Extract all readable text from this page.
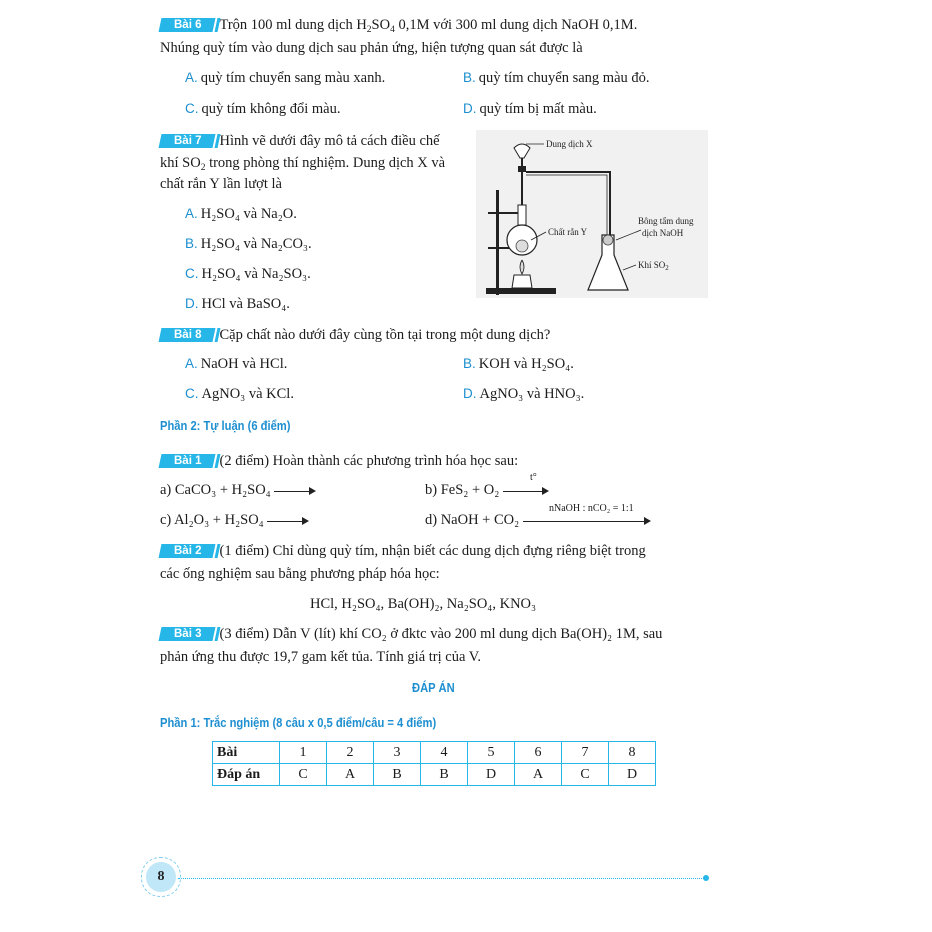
Bài 6 Trộn 100 ml dung dịch $H_2SO_4$ 0,1M với 300 ml dung dịch NaOH 0,1M.
Nhúng quỳ tím vào dung dịch sau phản ứng, hiện tượng quan sát được là
A. quỳ tím chuyển sang màu xanh.	B. quỳ tím chuyển sang màu đỏ.
C. quỳ tím không đổi màu.	D. quỳ tím bị mất màu.
Bài 7 Hình vẽ dưới đây mô tả cách điều chế
khí $SO_2$ trong phòng thí nghiệm. Dung dịch X và
chất rắn Y lần lượt là
A. H₂SO₄ và Na₂O.
B. H₂SO₄ và Na₂CO₃.
C. H₂SO₄ và Na₂SO₃.
D. HCl và BaSO₄.
Dung dịch X
Chất rắn Y
Bông tẩm dung
dịch NaOH
Khí $SO_2$
Bài 8 Cặp chất nào dưới đây cùng tồn tại trong một dung dịch?
A. NaOH và HCl.	B. KOH và H₂SO₄.
C. AgNO₃ và KCl.	D. AgNO₃ và HNO₃.
Phần 2: Tự luận (6 điểm)
Bài 1 (2 điểm) Hoàn thành các phương trình hóa học sau:
a) CaCO₃ + H₂SO₄	b) FeS₂ + O₂
t°
c) Al₂O₃ + H₂SO₄	d) NaOH + CO₂
nNaOH : nCO₂ = 1:1
Bài 2 (1 điểm) Chỉ dùng quỳ tím, nhận biết các dung dịch đựng riêng biệt trong
các ống nghiệm sau bằng phương pháp hóa học:
HCl, H₂SO₄, Ba(OH)₂, Na₂SO₄, KNO₃
Bài 3 (3 điểm) Dẫn V (lít) khí CO₂ ở đktc vào 200 ml dung dịch Ba(OH)₂ 1M, sau
phản ứng thu được 19,7 gam kết tủa. Tính giá trị của V.
ĐÁP ÁN
Phần 1: Trắc nghiệm (8 câu x 0,5 điểm/câu = 4 điểm)
Bài	1	2	3	4	5	6	7	8
Đáp án	C	A	B	B	D	A	C	D
8
